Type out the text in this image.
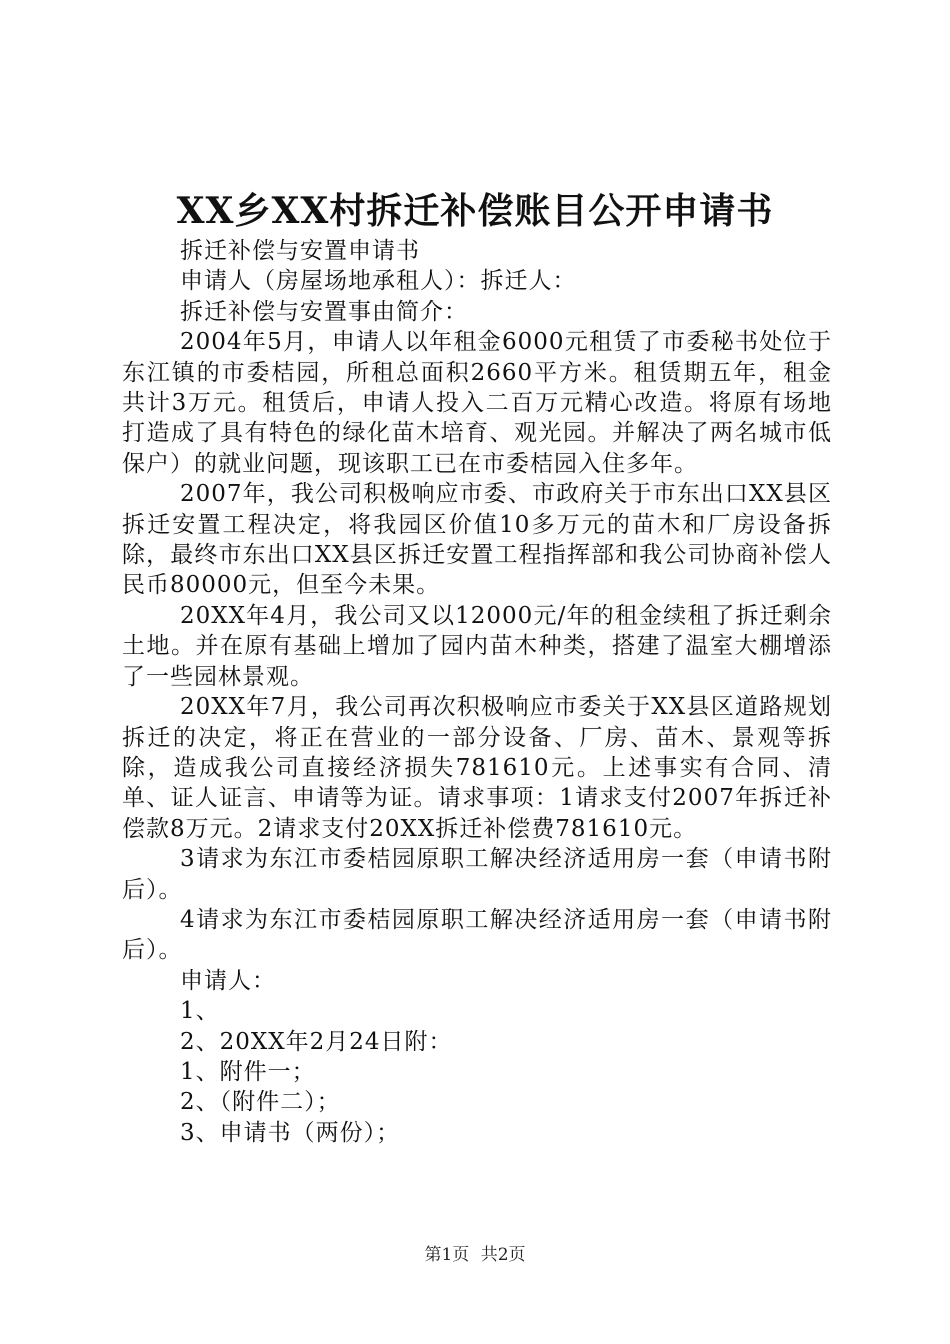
XX乡XX村拆迁补偿账目公开申请书

拆迁补偿与安置申请书

申请人（房屋场地承租人）：拆迁人：

拆迁补偿与安置事由简介：

2004年5月，申请人以年租金6000元租赁了市委秘书处位于东江镇的市委桔园，所租总面积2660平方米。租赁期五年，租金共计3万元。租赁后，申请人投入二百万元精心改造。将原有场地打造成了具有特色的绿化苗木培育、观光园。并解决了两名城市低保户）的就业问题，现该职工已在市委桔园入住多年。

2007年，我公司积极响应市委、市政府关于市东出口XX县区拆迁安置工程决定，将我园区价值10多万元的苗木和厂房设备拆除，最终市东出口XX县区拆迁安置工程指挥部和我公司协商补偿人民币80000元，但至今未果。

20XX年4月，我公司又以12000元/年的租金续租了拆迁剩余土地。并在原有基础上增加了园内苗木种类，搭建了温室大棚增添了一些园林景观。

20XX年7月，我公司再次积极响应市委关于XX县区道路规划拆迁的决定，将正在营业的一部分设备、厂房、苗木、景观等拆除，造成我公司直接经济损失781610元。上述事实有合同、清单、证人证言、申请等为证。请求事项：1请求支付2007年拆迁补偿款8万元。2请求支付20XX拆迁补偿费781610元。

3请求为东江市委桔园原职工解决经济适用房一套（申请书附后）。

4请求为东江市委桔园原职工解决经济适用房一套（申请书附后）。

申请人：

1、

2、20XX年2月24日附：

1、附件一；

2、（附件二）；

3、申请书（两份）；

第1页 共2页
